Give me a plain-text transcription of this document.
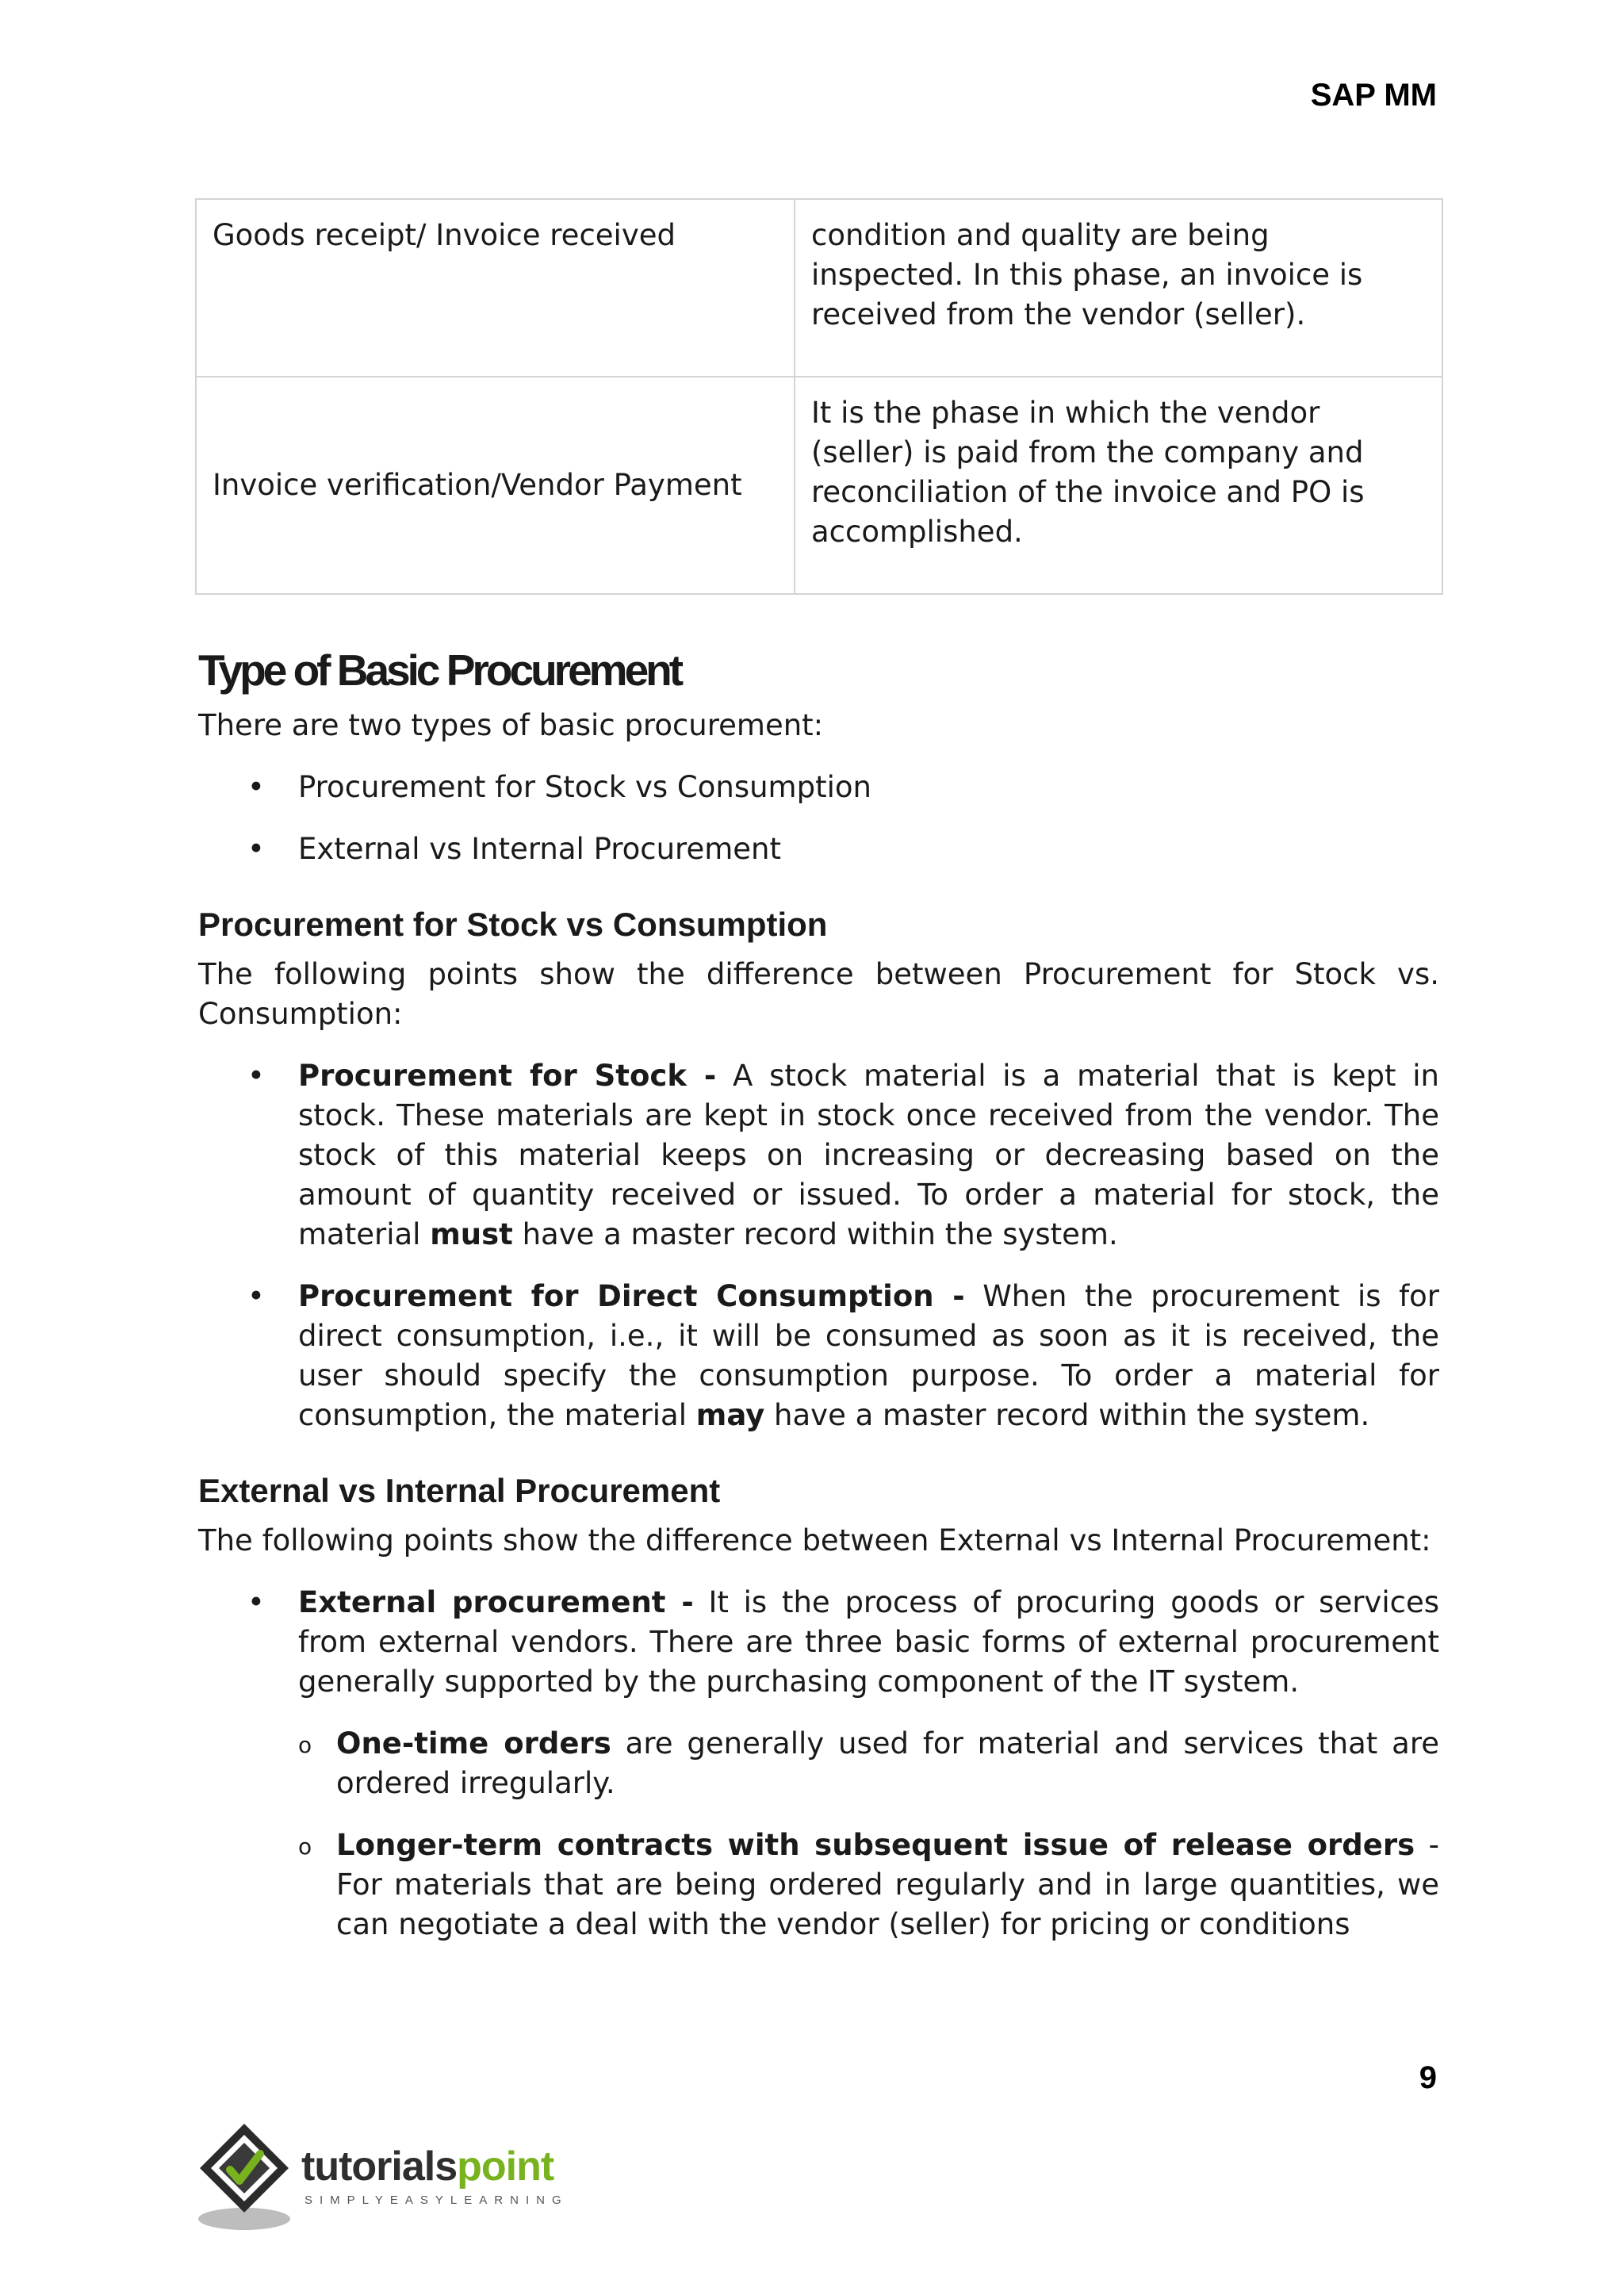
SAP MM
Goods receipt/ Invoice received	condition and quality are being inspected. In this phase, an invoice is received from the vendor (seller).
Invoice verification/Vendor Payment	It is the phase in which the vendor (seller) is paid from the company and reconciliation of the invoice and PO is accomplished.
Type of Basic Procurement

There are two types of basic procurement:

• Procurement for Stock vs Consumption
• External vs Internal Procurement
Procurement for Stock vs Consumption

The following points show the difference between Procurement for Stock vs. Consumption:

• Procurement for Stock - A stock material is a material that is kept in stock. These materials are kept in stock once received from the vendor. The stock of this material keeps on increasing or decreasing based on the amount of quantity received or issued. To order a material for stock, the material must have a master record within the system.
• Procurement for Direct Consumption - When the procurement is for direct consumption, i.e., it will be consumed as soon as it is received, the user should specify the consumption purpose. To order a material for consumption, the material may have a master record within the system.
External vs Internal Procurement

The following points show the difference between External vs Internal Procurement:

• External procurement - It is the process of procuring goods or services from external vendors. There are three basic forms of external procurement generally supported by the purchasing component of the IT system.
o One-time orders are generally used for material and services that are ordered irregularly.
o Longer-term contracts with subsequent issue of release orders - For materials that are being ordered regularly and in large quantities, we can negotiate a deal with the vendor (seller) for pricing or conditions
9
tutorialspoint
SIMPLYEASYLEARNING
